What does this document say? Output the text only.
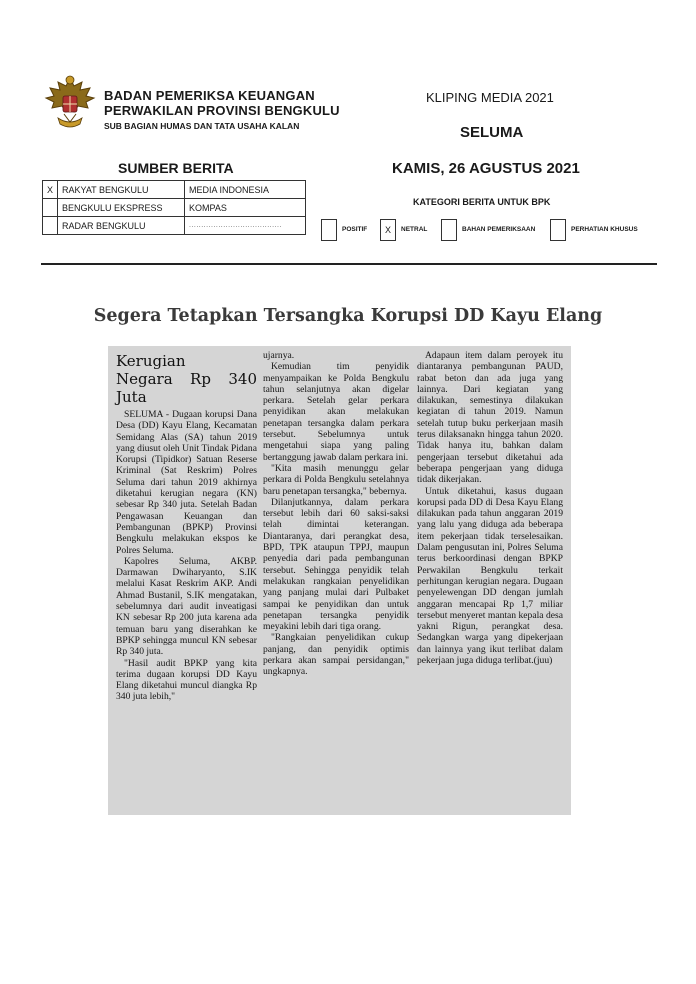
BADAN PEMERIKSA KEUANGAN
PERWAKILAN PROVINSI BENGKULU
SUB BAGIAN HUMAS DAN TATA USAHA KALAN
KLIPING MEDIA 2021
SELUMA
KAMIS, 26 AGUSTUS 2021
SUMBER BERITA
X	RAKYAT BENGKULU	MEDIA INDONESIA
	BENGKULU EKSPRESS	KOMPAS
	RADAR BENGKULU	......................................
KATEGORI BERITA UNTUK BPK
POSITIF	X	NETRAL	BAHAN PEMERIKSAAN	PERHATIAN KHUSUS
Segera Tetapkan Tersangka Korupsi DD Kayu Elang
Kerugian
Negara Rp 340 Juta

SELUMA - Dugaan korupsi Dana Desa (DD) Kayu Elang, Kecamatan Semidang Alas (SA) tahun 2019 yang diusut oleh Unit Tindak Pidana Korupsi (Tipidkor) Satuan Reserse Kriminal (Sat Reskrim) Polres Seluma dari tahun 2019 akhirnya diketahui kerugian negara (KN) sebesar Rp 340 juta. Setelah Badan Pengawasan Keuangan dan Pembangunan (BPKP) Provinsi Bengkulu melakukan ekspos ke Polres Seluma.

Kapolres Seluma, AKBP. Darmawan Dwiharyanto, S.IK melalui Kasat Reskrim AKP. Andi Ahmad Bustanil, S.IK mengatakan, sebelumnya dari audit inveatigasi KN sebesar Rp 200 juta karena ada temuan baru yang diserahkan ke BPKP sehingga muncul KN sebesar Rp 340 juta.

"Hasil audit BPKP yang kita terima dugaan korupsi DD Kayu Elang diketahui muncul diangka Rp 340 juta lebih,"

ujarnya.

Kemudian tim penyidik menyampaikan ke Polda Bengkulu tahun selanjutnya akan digelar perkara. Setelah gelar perkara penyidikan akan melakukan penetapan tersangka dalam perkara tersebut. Sebelumnya untuk mengetahui siapa yang paling bertanggung jawab dalam perkara ini.

"Kita masih menunggu gelar perkara di Polda Bengkulu setelahnya baru penetapan tersangka," bebernya.

Dilanjutkannya, dalam perkara tersebut lebih dari 60 saksi-saksi telah dimintai keterangan. Diantaranya, dari perangkat desa, BPD, TPK ataupun TPPJ, maupun penyedia dari pada pembangunan tersebut. Sehingga penyidik telah melakukan rangkaian penyelidikan yang panjang mulai dari Pulbaket sampai ke penyidikan dan untuk penetapan tersangka penyidik meyakini lebih dari tiga orang.

"Rangkaian penyelidikan cukup panjang, dan penyidik optimis perkara akan sampai persidangan," ungkapnya.

Adapaun item dalam peroyek itu diantaranya pembangunan PAUD, rabat beton dan ada juga yang lainnya. Dari kegiatan yang dilakukan, semestinya dilakukan kegiatan di tahun 2019. Namun setelah tutup buku perkerjaan masih terus dilaksanakn hingga tahun 2020. Tidak hanya itu, bahkan dalam pengerjaan tersebut diketahui ada beberapa pengerjaan yang diduga tidak dikerjakan.

Untuk diketahui, kasus dugaan korupsi pada DD di Desa Kayu Elang dilakukan pada tahun anggaran 2019 yang lalu yang diduga ada beberapa item pekerjaan tidak terselesaikan. Dalam pengusutan ini, Polres Seluma terus berkoordinasi dengan BPKP Perwakilan Bengkulu terkait perhitungan kerugian negara. Dugaan penyelewengan DD dengan jumlah anggaran mencapai Rp 1,7 miliar tersebut menyeret mantan kepala desa yakni Rigun, perangkat desa. Sedangkan warga yang dipekerjaan dan lainnya yang ikut terlibat dalam pekerjaan juga diduga terlibat.(juu)
